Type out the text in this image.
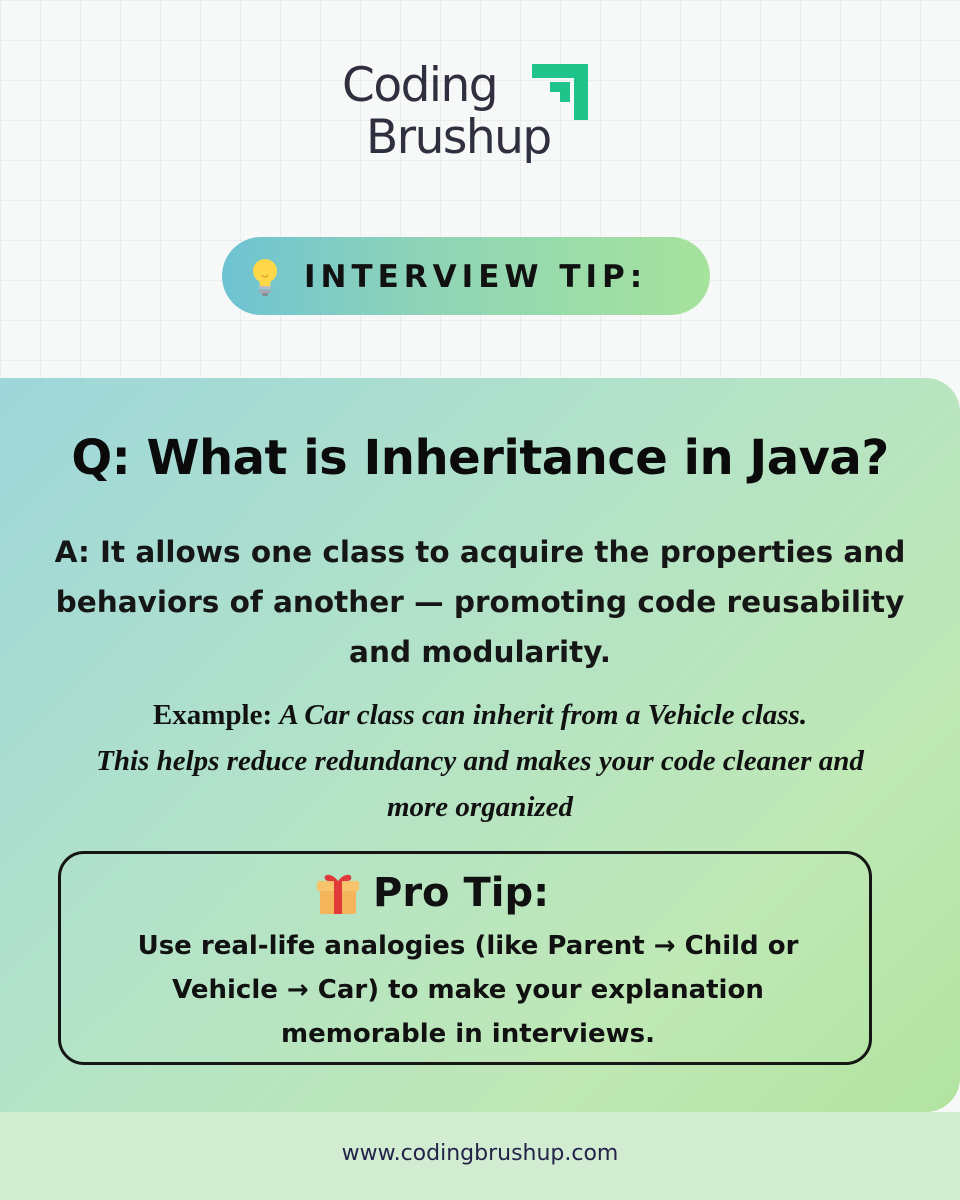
Coding
Brushup
INTERVIEW TIP:
Q: What is Inheritance in Java?
A: It allows one class to acquire the properties and
behaviors of another — promoting code reusability
and modularity.
Example: A Car class can inherit from a Vehicle class.
This helps reduce redundancy and makes your code cleaner and
more organized
Pro Tip:
Use real-life analogies (like Parent → Child or
Vehicle → Car) to make your explanation
memorable in interviews.
www.codingbrushup.com
